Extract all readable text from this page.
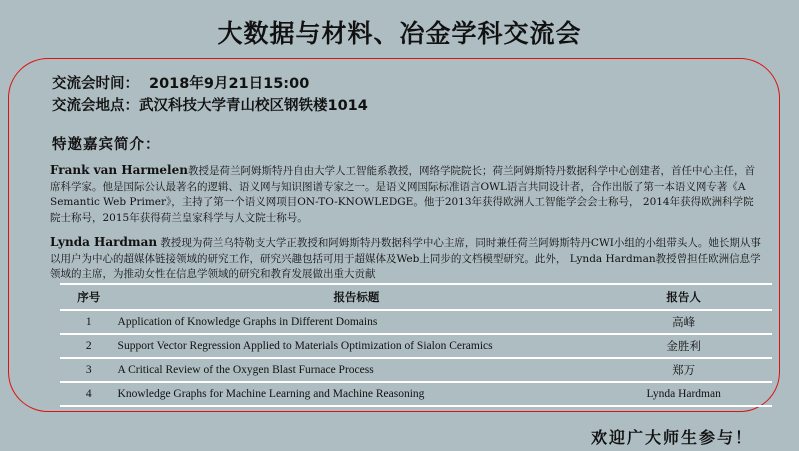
大数据与材料、冶金学科交流会
交流会时间： 2018年9月21日15:00
交流会地点：武汉科技大学青山校区钢铁楼1014
特邀嘉宾简介：
Frank van Harmelen教授是荷兰阿姆斯特丹自由大学人工智能系教授，网络学院院长；荷兰阿姆斯特丹数据科学中心创建者，首任中心主任，首席科学家。他是国际公认最著名的逻辑、语义网与知识图谱专家之一。是语义网国际标准语言OWL语言共同设计者，合作出版了第一本语义网专著《A Semantic Web Primer》，主持了第一个语义网项目ON-TO-KNOWLEDGE。他于2013年获得欧洲人工智能学会会士称号， 2014年获得欧洲科学院院士称号，2015年获得荷兰皇家科学与人文院士称号。
Lynda Hardman 教授现为荷兰乌特勒支大学正教授和阿姆斯特丹数据科学中心主席，同时兼任荷兰阿姆斯特丹CWI小组的小组带头人。她长期从事以用户为中心的超媒体链接领域的研究工作，研究兴趣包括可用于超媒体及Web上同步的文档模型研究。此外， Lynda Hardman教授曾担任欧洲信息学领域的主席，为推动女性在信息学领域的研究和教育发展做出重大贡献
序号	报告标题	报告人
1	Application of Knowledge Graphs in Different Domains	高峰
2	Support Vector Regression Applied to Materials Optimization of Sialon Ceramics	金胜利
3	A Critical Review of the Oxygen Blast Furnace Process	郑万
4	Knowledge Graphs for Machine Learning and Machine Reasoning	Lynda Hardman
欢迎广大师生参与！
